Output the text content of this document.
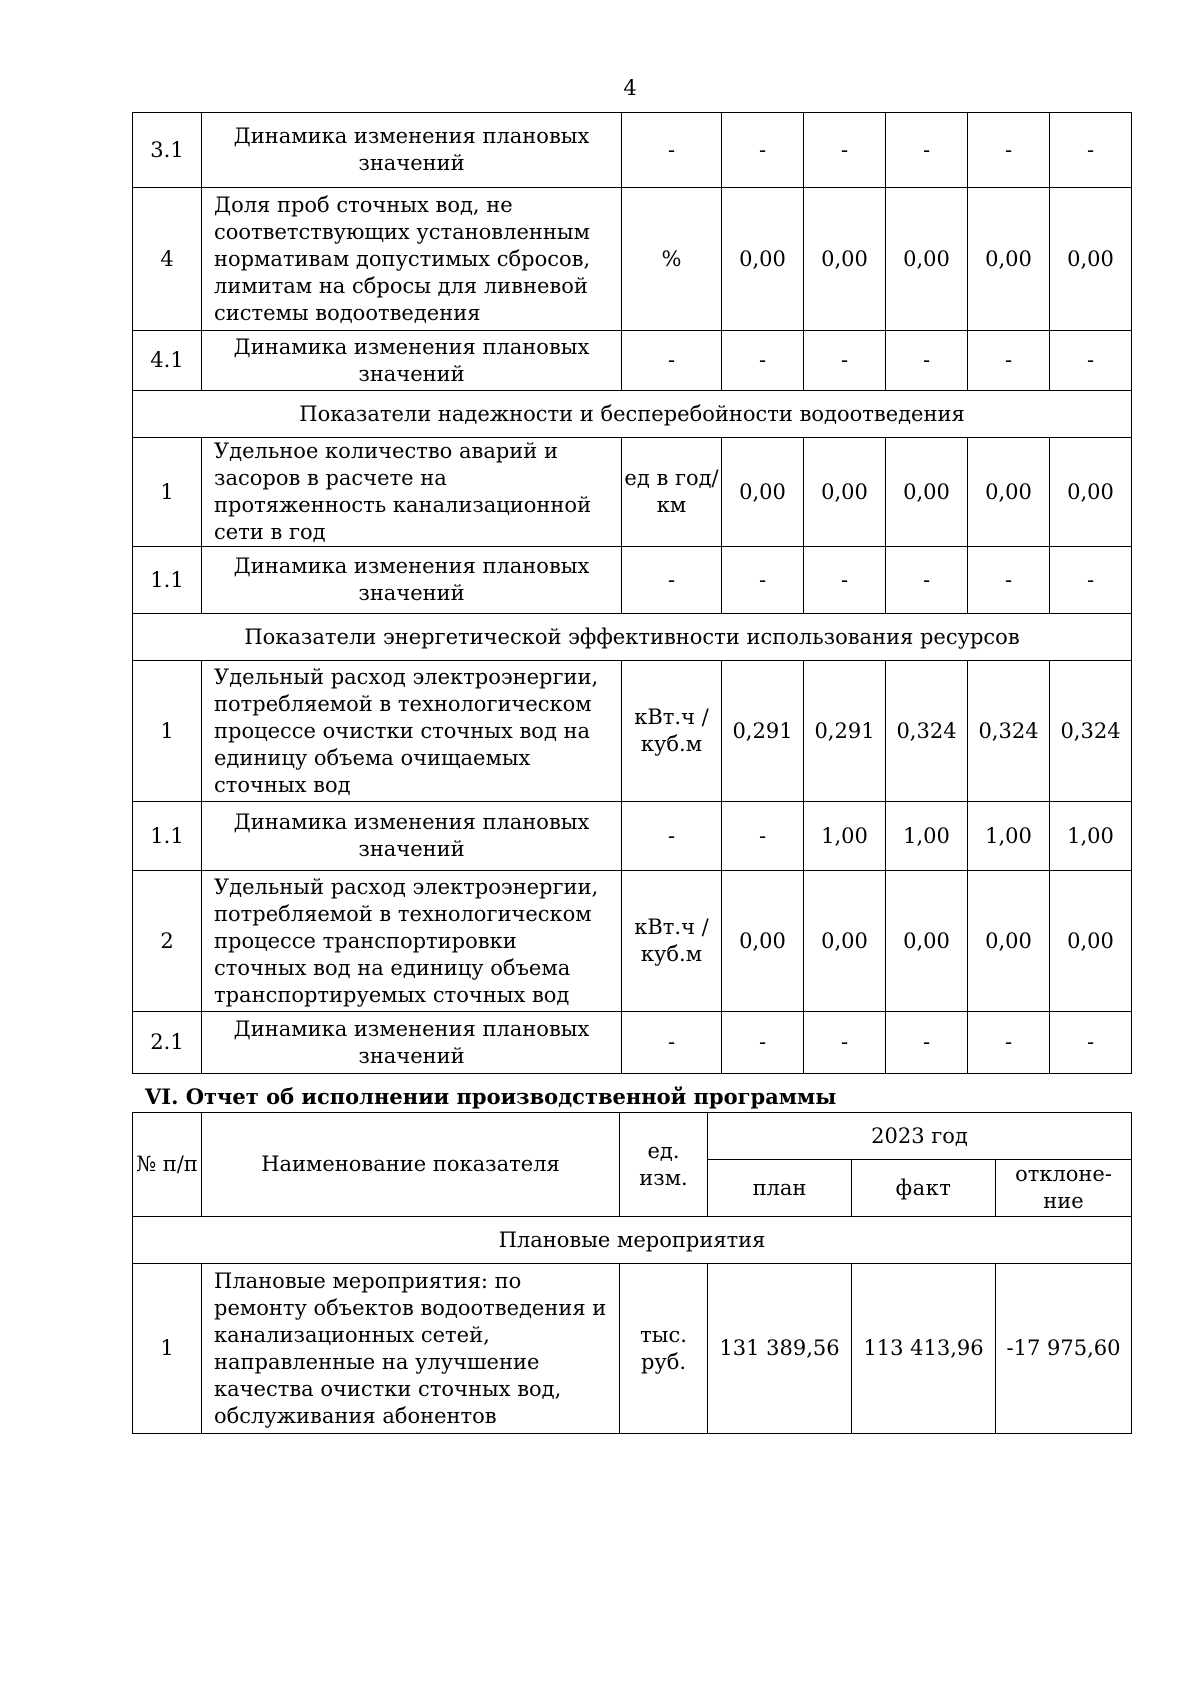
4
3.1	Динамика изменения плановых значений	-	-	-	-	-	-
4	Доля проб сточных вод, не соответствующих установленным нормативам допустимых сбросов, лимитам на сбросы для ливневой системы водоотведения	%	0,00	0,00	0,00	0,00	0,00
4.1	Динамика изменения плановых значений	-	-	-	-	-	-
Показатели надежности и бесперебойности водоотведения							
1	Удельное количество аварий и засоров в расчете на протяженность канализационной сети в год	ед в год/ км	0,00	0,00	0,00	0,00	0,00
1.1	Динамика изменения плановых значений	-	-	-	-	-	-
Показатели энергетической эффективности использования ресурсов							
1	Удельный расход электроэнергии, потребляемой в технологическом процессе очистки сточных вод на единицу объема очищаемых сточных вод	кВт.ч / куб.м	0,291	0,291	0,324	0,324	0,324
1.1	Динамика изменения плановых значений	-	-	1,00	1,00	1,00	1,00
2	Удельный расход электроэнергии, потребляемой в технологическом процессе транспортировки сточных вод на единицу объема транспортируемых сточных вод	кВт.ч / куб.м	0,00	0,00	0,00	0,00	0,00
2.1	Динамика изменения плановых значений	-	-	-	-	-	-
VI. Отчет об исполнении производственной программы
№ п/п	Наименование показателя	ед. изм.	2023 год		
			план	факт	отклоне-ние
Плановые мероприятия					
1	Плановые мероприятия: по ремонту объектов водоотведения и канализационных сетей, направленные на улучшение качества очистки сточных вод, обслуживания абонентов	тыс. руб.	131 389,56	113 413,96	-17 975,60
